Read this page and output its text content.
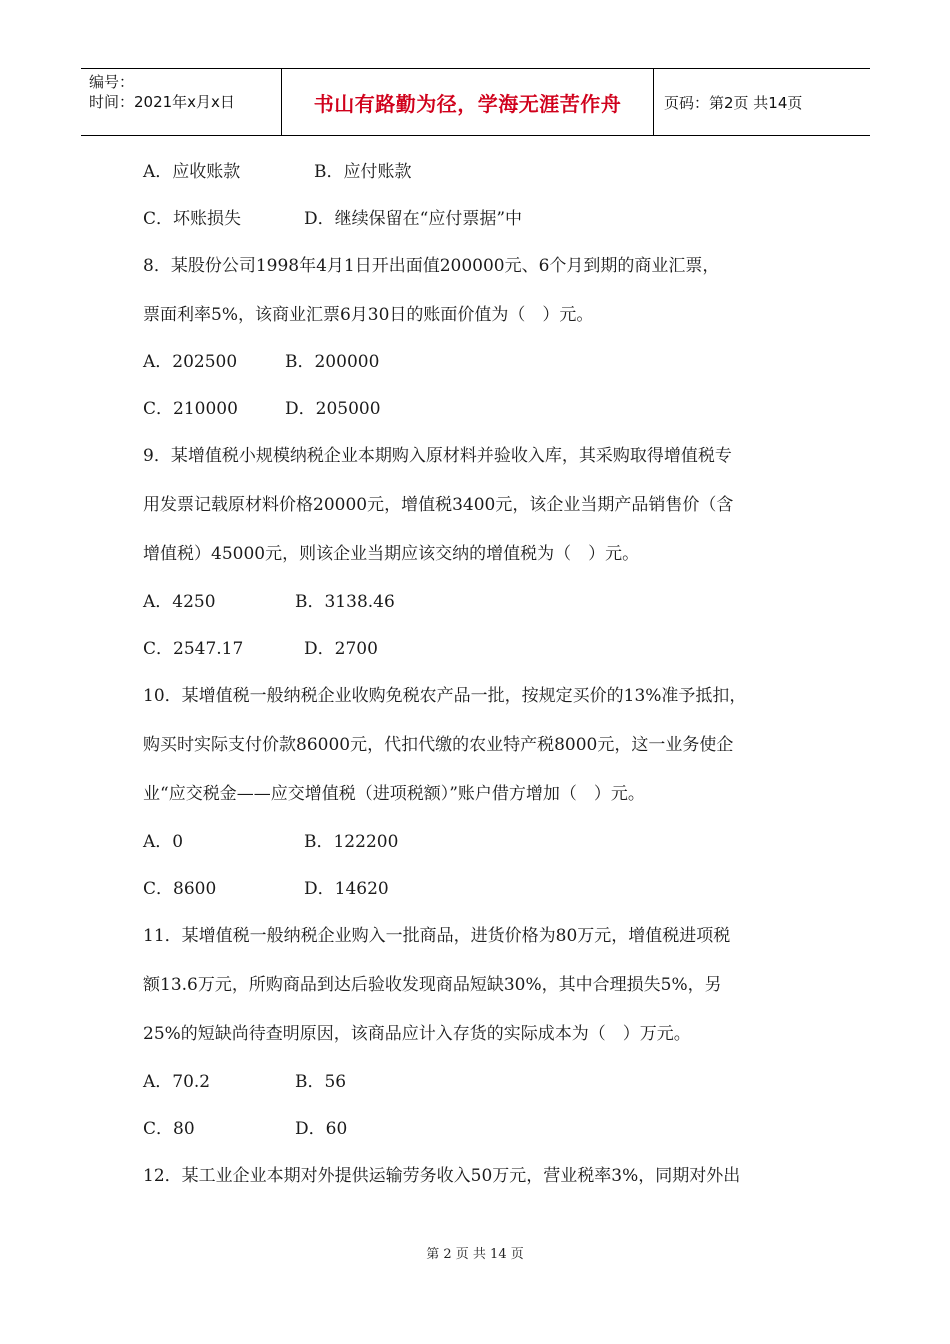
编号：
时间：2021年x月x日	书山有路勤为径，学海无涯苦作舟	页码：第2页 共14页
A．应收账款	B．应付账款
C．坏账损失	D．继续保留在“应付票据”中
8．某股份公司1998年4月1日开出面值200000元、6个月到期的商业汇票，
票面利率5%，该商业汇票6月30日的账面价值为（　）元。
A．202500	B．200000
C．210000	D．205000
9．某增值税小规模纳税企业本期购入原材料并验收入库，其采购取得增值税专
用发票记载原材料价格20000元，增值税3400元，该企业当期产品销售价（含
增值税）45000元，则该企业当期应该交纳的增值税为（　）元。
A．4250	B．3138.46
C．2547.17	D．2700
10．某增值税一般纳税企业收购免税农产品一批，按规定买价的13%准予抵扣，
购买时实际支付价款86000元，代扣代缴的农业特产税8000元，这一业务使企
业“应交税金——应交增值税（进项税额）”账户借方增加（　）元。
A．0	B．122200
C．8600	D．14620
11．某增值税一般纳税企业购入一批商品，进货价格为80万元，增值税进项税
额13.6万元，所购商品到达后验收发现商品短缺30%，其中合理损失5%，另
25%的短缺尚待查明原因，该商品应计入存货的实际成本为（　）万元。
A．70.2	B．56
C．80	D．60
12．某工业企业本期对外提供运输劳务收入50万元，营业税率3%，同期对外出
第 2 页 共 14 页
